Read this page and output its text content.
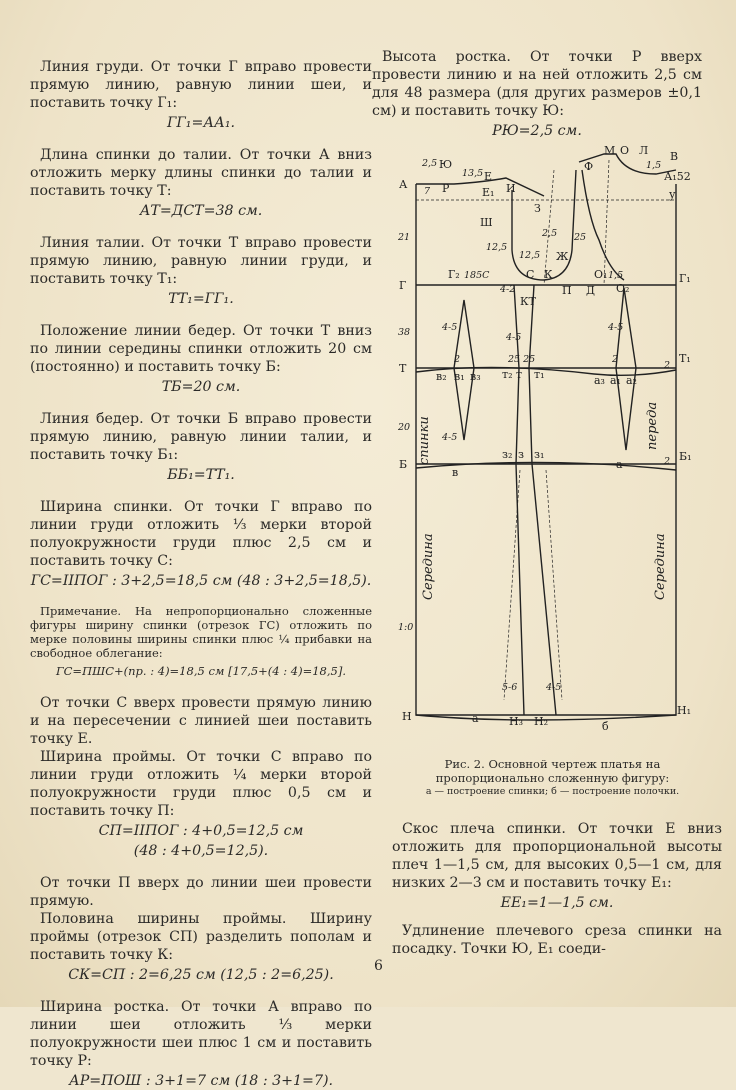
Линия груди. От точки Г вправо провести прямую линию, равную линии шеи, и поставить точку Г₁:

ГГ₁=АА₁.

Длина спинки до талии. От точки А вниз отложить мерку длины спинки до талии и поставить точку Т:

АТ=ДСТ=38 см.

Линия талии. От точки Т вправо провести прямую линию, равную линии груди, и поставить точку Т₁:

ТТ₁=ГГ₁.

Положение линии бедер. От точки Т вниз по линии середины спинки отложить 20 см (постоянно) и поставить точку Б:

ТБ=20 см.

Линия бедер. От точки Б вправо провести прямую линию, равную линии талии, и поставить точку Б₁:

ББ₁=ТТ₁.

Ширина спинки. От точки Г вправо по линии груди отложить ⅓ мерки второй полуокружности груди плюс 2,5 см и поставить точку С:

ГС=IIПОГ : 3+2,5=18,5 см (48 : 3+2,5=18,5).

Примечание. На непропорционально сложенные фигуры ширину спинки (отрезок ГС) отложить по мерке половины ширины спинки плюс ¼ прибавки на свободное облегание:

ГС=ПШС+(пр. : 4)=18,5 см [17,5+(4 : 4)=18,5].

От точки С вверх провести прямую линию и на пересечении с линией шеи поставить точку Е.

Ширина проймы. От точки С вправо по линии груди отложить ¼ мерки второй полуокружности груди плюс 0,5 см и поставить точку П:

СП=IIПОГ : 4+0,5=12,5 см

(48 : 4+0,5=12,5).

От точки П вверх до линии шеи провести прямую.

Половина ширины проймы. Ширину проймы (отрезок СП) разделить пополам и поставить точку К:

СК=СП : 2=6,25 см (12,5 : 2=6,25).

Ширина ростка. От точки А вправо по линии шеи отложить ⅓ мерки полуокружности шеи плюс 1 см и поставить точку Р:

АР=ПОШ : 3+1=7 см (18 : 3+1=7).

Высота ростка. От точки Р вверх провести линию и на ней отложить 2,5 см для 48 размера (для других размеров ±0,1 см) и поставить точку Ю:

РЮ=2,5 см.

А
Г
Т
Б
Н
В
А₁52
у
Г₁
Т₁
Б₁
Н₁
Р
Ю
Е₁
Е
И
Ш
С К
П Д
Ф
М О Л
З
Ж
Г₂	О₁
О₂
КТ
в₂ в₁ в₃	т
т₂ т₁	а₃ а₁ а₂
з₂ з з₁
в
а
Н₃ Н₂
а
б
21
38
20
1:0
2,5
13,5
7
1,5
12,5
12,5
2,5 25
185С
4-2
1,5
4-5
4-5
4-5
4-5
5-6	4-5
2	2
2
2
25 25
спинки	переда
Середина	Середина
Рис. 2. Основной чертеж платья на пропорционально сложенную фигуру:
а — построение спинки; б — построение полочки.

Скос плеча спинки. От точки Е вниз отложить для пропорциональной высоты плеч 1—1,5 см, для высоких 0,5—1 см, для низких 2—3 см и поставить точку Е₁:

ЕЕ₁=1—1,5 см.

Удлинение плечевого среза спинки на посадку. Точки Ю, Е₁ соеди-

6
